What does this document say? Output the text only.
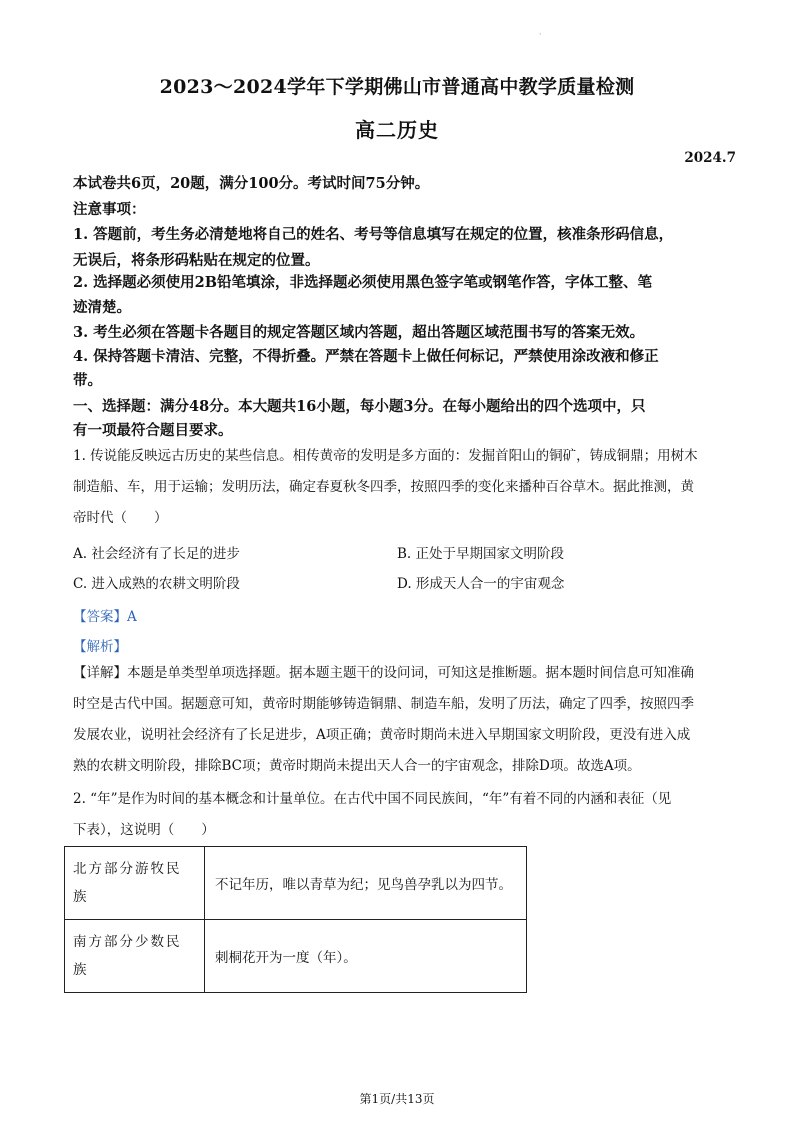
·
2023～2024学年下学期佛山市普通高中教学质量检测
高二历史
2024.7
本试卷共6页，20题，满分100分。考试时间75分钟。
注意事项：
1. 答题前，考生务必清楚地将自己的姓名、考号等信息填写在规定的位置，核准条形码信息，
无误后，将条形码粘贴在规定的位置。
2. 选择题必须使用2B铅笔填涂，非选择题必须使用黑色签字笔或钢笔作答，字体工整、笔
迹清楚。
3. 考生必须在答题卡各题目的规定答题区域内答题，超出答题区域范围书写的答案无效。
4. 保持答题卡清洁、完整，不得折叠。严禁在答题卡上做任何标记，严禁使用涂改液和修正
带。
一、选择题：满分48分。本大题共16小题，每小题3分。在每小题给出的四个选项中，只
有一项最符合题目要求。
1. 传说能反映远古历史的某些信息。相传黄帝的发明是多方面的：发掘首阳山的铜矿，铸成铜鼎；用树木
制造船、车，用于运输；发明历法，确定春夏秋冬四季，按照四季的变化来播种百谷草木。据此推测，黄
帝时代（　　）
A. 社会经济有了长足的进步	B. 正处于早期国家文明阶段
C. 进入成熟的农耕文明阶段	D. 形成天人合一的宇宙观念
【答案】A
【解析】
【详解】本题是单类型单项选择题。据本题主题干的设问词，可知这是推断题。据本题时间信息可知准确
时空是古代中国。据题意可知，黄帝时期能够铸造铜鼎、制造车船，发明了历法，确定了四季，按照四季
发展农业，说明社会经济有了长足进步，A项正确；黄帝时期尚未进入早期国家文明阶段，更没有进入成
熟的农耕文明阶段，排除BC项；黄帝时期尚未提出天人合一的宇宙观念，排除D项。故选A项。
2. “年”是作为时间的基本概念和计量单位。在古代中国不同民族间，“年”有着不同的内涵和表征（见
下表），这说明（　　）
北方部分游牧民族	不记年历，唯以青草为纪；见鸟兽孕乳以为四节。
南方部分少数民族	刺桐花开为一度（年）。
第1页/共13页
